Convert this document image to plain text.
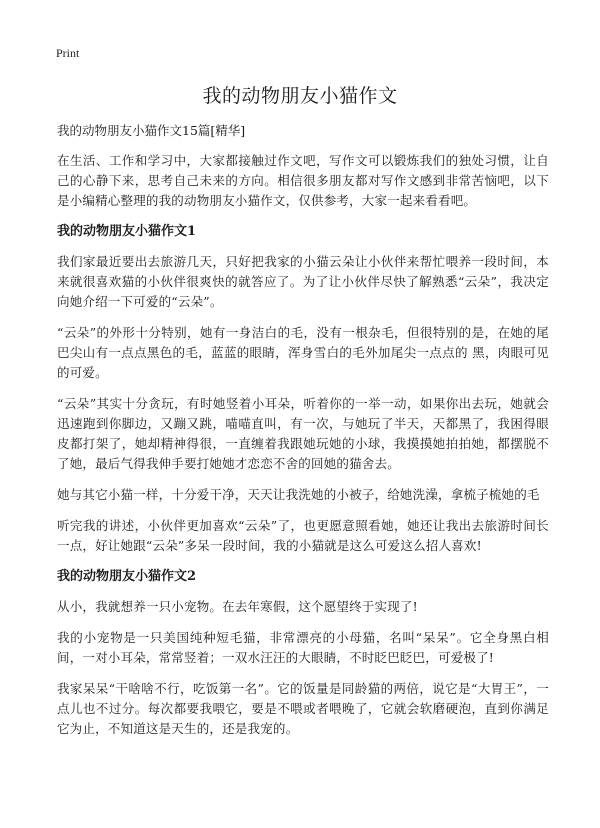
Print
我的动物朋友小猫作文
我的动物朋友小猫作文15篇[精华]

在生活、工作和学习中，大家都接触过作文吧，写作文可以锻炼我们的独处习惯，让自己的心静下来，思考自己未来的方向。相信很多朋友都对写作文感到非常苦恼吧，以下是小编精心整理的我的动物朋友小猫作文，仅供参考，大家一起来看看吧。

我的动物朋友小猫作文1

我们家最近要出去旅游几天，只好把我家的小猫云朵让小伙伴来帮忙喂养一段时间，本来就很喜欢猫的小伙伴很爽快的就答应了。为了让小伙伴尽快了解熟悉“云朵”，我决定向她介绍一下可爱的“云朵”。

“云朵”的外形十分特别，她有一身洁白的毛，没有一根杂毛，但很特别的是，在她的尾巴尖山有一点点黑色的毛，蓝蓝的眼睛，浑身雪白的毛外加尾尖一点点的 黑，肉眼可见的可爱。

“云朵”其实十分贪玩，有时她竖着小耳朵，听着你的一举一动，如果你出去玩，她就会迅速跑到你脚边，又蹦又跳，喵喵直叫，有一次，与她玩了半天，天都黑了，我困得眼皮都打架了，她却精神得很，一直缠着我跟她玩她的小球，我摸摸她拍拍她，都摆脱不了她，最后气得我伸手要打她她才恋恋不舍的回她的猫舍去。

她与其它小猫一样，十分爱干净，天天让我洗她的小被子，给她洗澡，拿梳子梳她的毛

听完我的讲述，小伙伴更加喜欢“云朵”了，也更愿意照看她，她还让我出去旅游时间长一点，好让她跟“云朵”多呆一段时间，我的小猫就是这么可爱这么招人喜欢!

我的动物朋友小猫作文2

从小，我就想养一只小宠物。在去年寒假，这个愿望终于实现了!

我的小宠物是一只美国纯种短毛猫，非常漂亮的小母猫，名叫“呆呆”。它全身黑白相间，一对小耳朵，常常竖着；一双水汪汪的大眼睛，不时眨巴眨巴，可爱极了!

我家呆呆“干啥啥不行，吃饭第一名”。它的饭量是同龄猫的两倍，说它是“大胃王”，一点儿也不过分。每次都要我喂它，要是不喂或者喂晚了，它就会软磨硬泡，直到你满足它为止，不知道这是天生的，还是我宠的。
